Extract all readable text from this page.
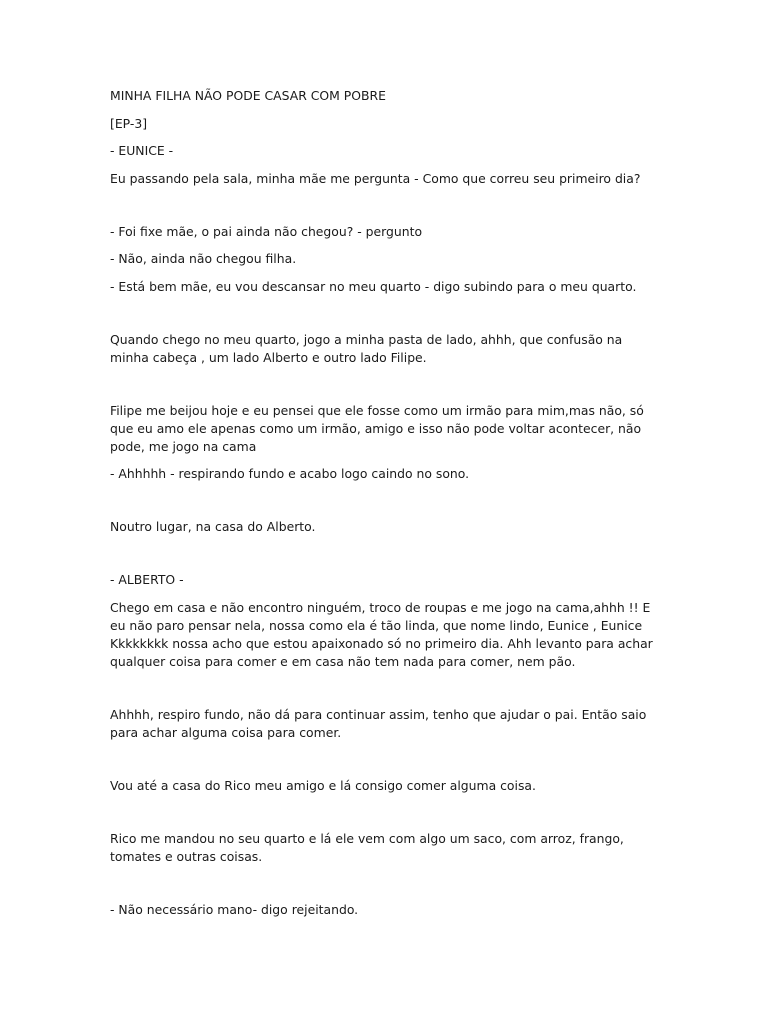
MINHA FILHA NÃO PODE CASAR COM POBRE

[EP-3]

- EUNICE -

Eu passando pela sala, minha mãe me pergunta - Como que correu seu primeiro dia?

- Foi fixe mãe, o pai ainda não chegou? - pergunto

- Não, ainda não chegou filha.

- Está bem mãe, eu vou descansar no meu quarto - digo subindo para o meu quarto.

Quando chego no meu quarto, jogo a minha pasta de lado, ahhh, que confusão na minha cabeça , um lado Alberto e outro lado Filipe.

Filipe me beijou hoje e eu pensei que ele fosse como um irmão para mim,mas não, só que eu amo ele apenas como um irmão, amigo e isso não pode voltar acontecer, não pode, me jogo na cama

- Ahhhhh - respirando fundo e acabo logo caindo no sono.

Noutro lugar, na casa do Alberto.

- ALBERTO -

Chego em casa e não encontro ninguém, troco de roupas e me jogo na cama,ahhh !! E eu não paro pensar nela, nossa como ela é tão linda, que nome lindo, Eunice , Eunice Kkkkkkkk nossa acho que estou apaixonado só no primeiro dia. Ahh levanto para achar qualquer coisa para comer e em casa não tem nada para comer, nem pão.

Ahhhh, respiro fundo, não dá para continuar assim, tenho que ajudar o pai. Então saio para achar alguma coisa para comer.

Vou até a casa do Rico meu amigo e lá consigo comer alguma coisa.

Rico me mandou no seu quarto e lá ele vem com algo um saco, com arroz, frango, tomates e outras coisas.

- Não necessário mano- digo rejeitando.
